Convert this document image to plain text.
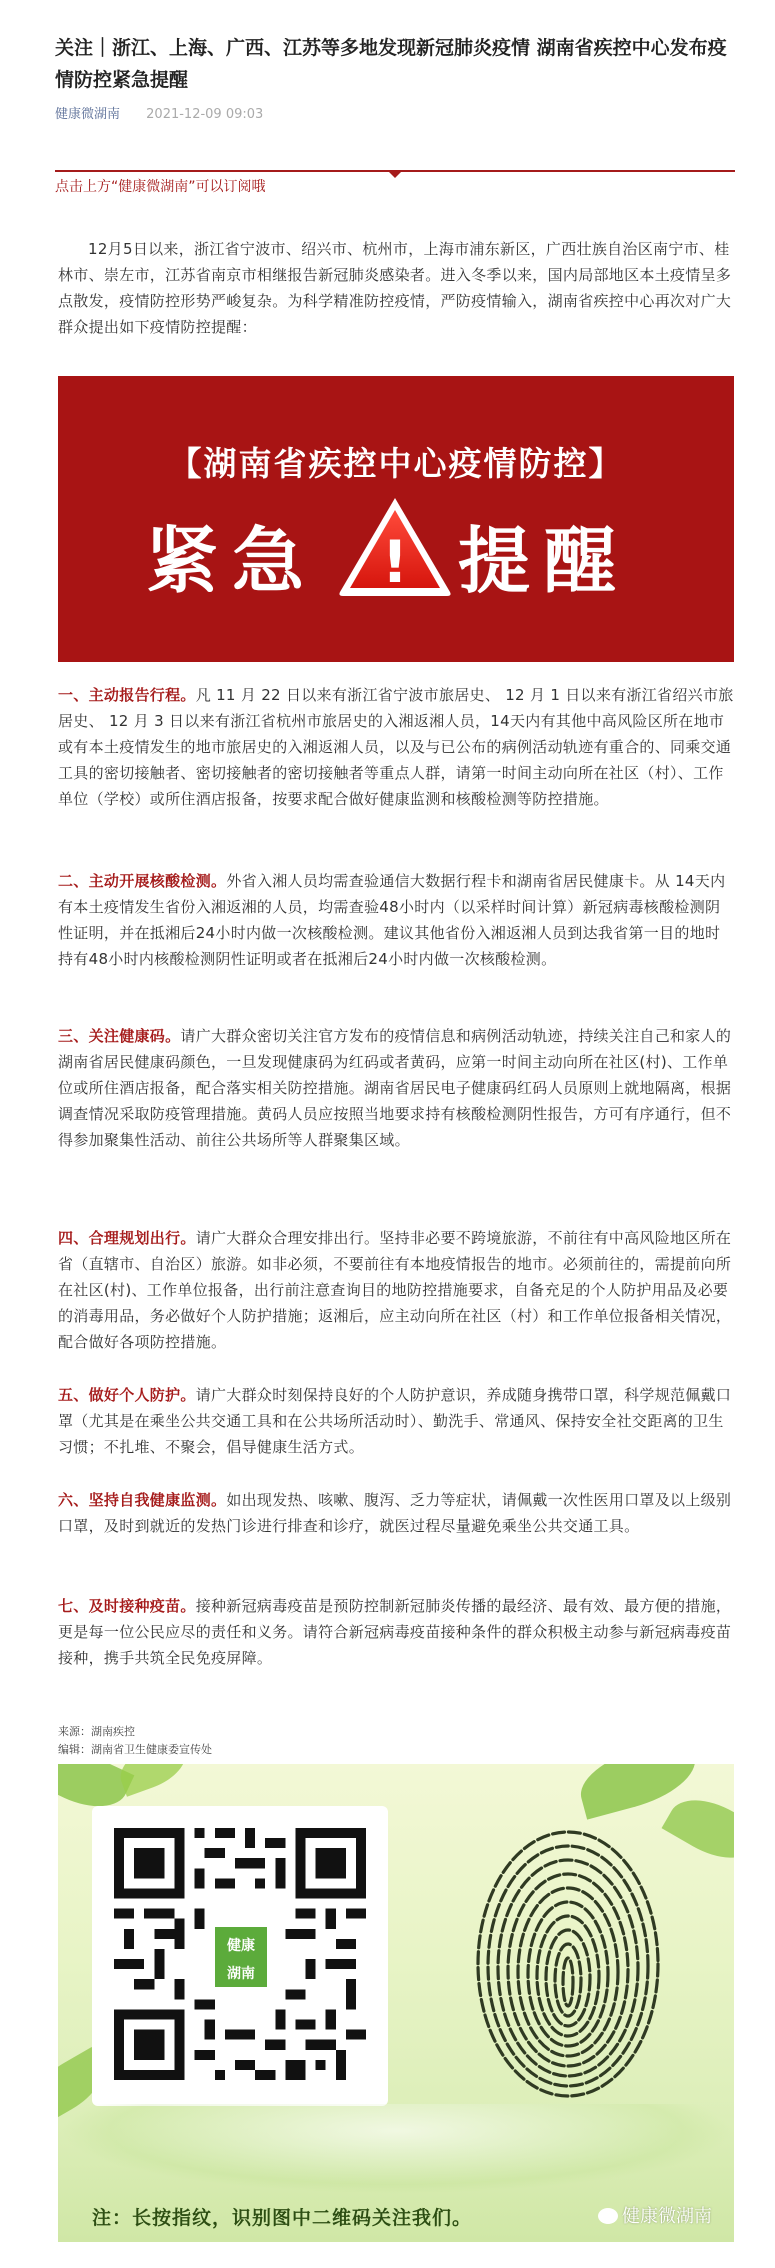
关注｜浙江、上海、广西、江苏等多地发现新冠肺炎疫情 湖南省疾控中心发布疫情防控紧急提醒
健康微湖南 2021-12-09 09:03
点击上方“健康微湖南”可以订阅哦

12月5日以来，浙江省宁波市、绍兴市、杭州市，上海市浦东新区，广西壮族自治区南宁市、桂林市、崇左市，江苏省南京市相继报告新冠肺炎感染者。进入冬季以来，国内局部地区本土疫情呈多点散发，疫情防控形势严峻复杂。为科学精准防控疫情，严防疫情输入，湖南省疾控中心再次对广大群众提出如下疫情防控提醒：

【湖南省疾控中心疫情防控】
紧急 ! 提醒

一、主动报告行程。凡 11 月 22 日以来有浙江省宁波市旅居史、 12 月 1 日以来有浙江省绍兴市旅居史、 12 月 3 日以来有浙江省杭州市旅居史的入湘返湘人员，14天内有其他中高风险区所在地市或有本土疫情发生的地市旅居史的入湘返湘人员，以及与已公布的病例活动轨迹有重合的、同乘交通工具的密切接触者、密切接触者的密切接触者等重点人群，请第一时间主动向所在社区（村）、工作单位（学校）或所住酒店报备，按要求配合做好健康监测和核酸检测等防控措施。

二、主动开展核酸检测。外省入湘人员均需查验通信大数据行程卡和湖南省居民健康卡。从 14天内有本土疫情发生省份入湘返湘的人员，均需查验48小时内（以采样时间计算）新冠病毒核酸检测阴性证明，并在抵湘后24小时内做一次核酸检测。建议其他省份入湘返湘人员到达我省第一目的地时持有48小时内核酸检测阴性证明或者在抵湘后24小时内做一次核酸检测。

三、关注健康码。请广大群众密切关注官方发布的疫情信息和病例活动轨迹，持续关注自己和家人的湖南省居民健康码颜色，一旦发现健康码为红码或者黄码，应第一时间主动向所在社区(村)、工作单位或所住酒店报备，配合落实相关防控措施。湖南省居民电子健康码红码人员原则上就地隔离，根据调查情况采取防疫管理措施。黄码人员应按照当地要求持有核酸检测阴性报告，方可有序通行，但不得参加聚集性活动、前往公共场所等人群聚集区域。

四、合理规划出行。请广大群众合理安排出行。坚持非必要不跨境旅游，不前往有中高风险地区所在省（直辖市、自治区）旅游。如非必须，不要前往有本地疫情报告的地市。必须前往的，需提前向所在社区(村)、工作单位报备，出行前注意查询目的地防控措施要求，自备充足的个人防护用品及必要的消毒用品，务必做好个人防护措施；返湘后，应主动向所在社区（村）和工作单位报备相关情况，配合做好各项防控措施。

五、做好个人防护。请广大群众时刻保持良好的个人防护意识，养成随身携带口罩，科学规范佩戴口罩（尤其是在乘坐公共交通工具和在公共场所活动时）、勤洗手、常通风、保持安全社交距离的卫生习惯；不扎堆、不聚会，倡导健康生活方式。

六、坚持自我健康监测。如出现发热、咳嗽、腹泻、乏力等症状，请佩戴一次性医用口罩及以上级别口罩，及时到就近的发热门诊进行排查和诊疗，就医过程尽量避免乘坐公共交通工具。

七、及时接种疫苗。接种新冠病毒疫苗是预防控制新冠肺炎传播的最经济、最有效、最方便的措施，更是每一位公民应尽的责任和义务。请符合新冠病毒疫苗接种条件的群众积极主动参与新冠病毒疫苗接种，携手共筑全民免疫屏障。

来源：湖南疾控
编辑：湖南省卫生健康委宣传处
健康
湖南
注：长按指纹，识别图中二维码关注我们。	健康微湖南
